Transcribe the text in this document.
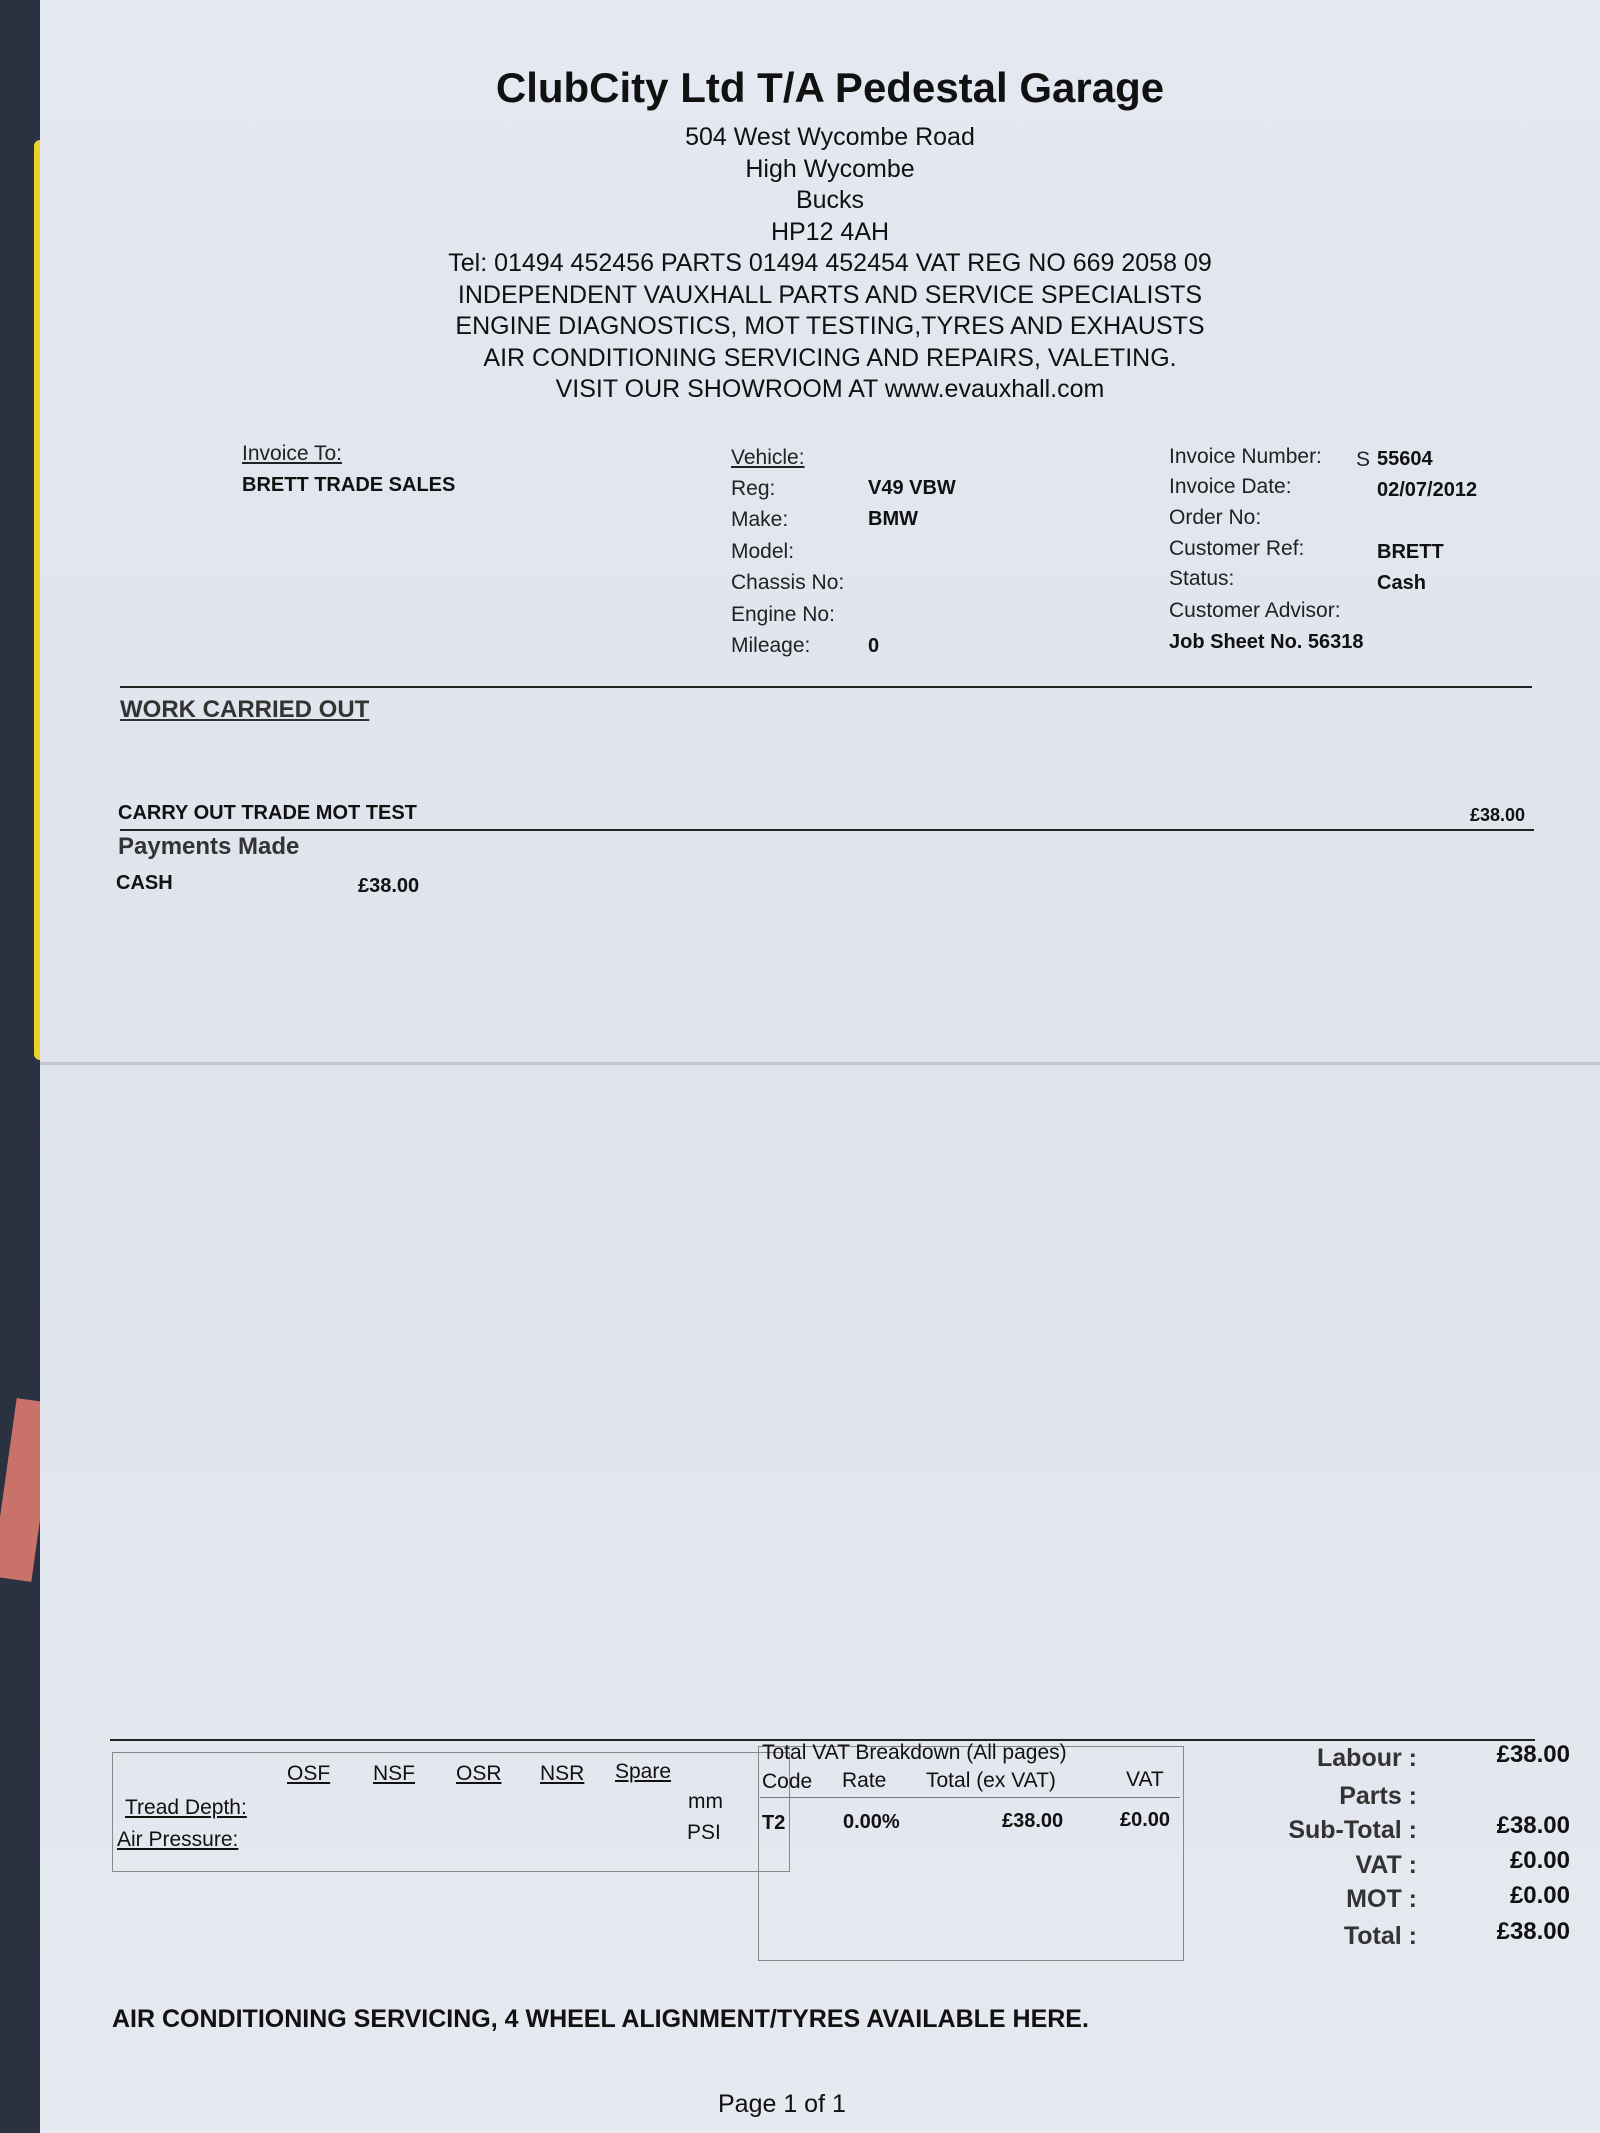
ClubCity Ltd T/A Pedestal Garage
504 West Wycombe Road
High Wycombe
Bucks
HP12 4AH
Tel: 01494 452456 PARTS 01494 452454 VAT REG NO 669 2058 09
INDEPENDENT VAUXHALL PARTS AND SERVICE SPECIALISTS
ENGINE DIAGNOSTICS, MOT TESTING,TYRES AND EXHAUSTS
AIR CONDITIONING SERVICING AND REPAIRS, VALETING.
VISIT OUR SHOWROOM AT www.evauxhall.com
Invoice To:
BRETT TRADE SALES
Vehicle:
Reg:	V49 VBW
Make:	BMW
Model:
Chassis No:
Engine No:
Mileage:	0
Invoice Number: S 55604
Invoice Date:	02/07/2012
Order No:
Customer Ref:	BRETT
Status:	Cash
Customer Advisor:
Job Sheet No. 56318
WORK CARRIED OUT
CARRY OUT TRADE MOT TEST	£38.00
Payments Made
CASH	£38.00
OSF NSF OSR NSR Spare
Tread Depth:	mm
Air Pressure:	PSI
Total VAT Breakdown (All pages)
Code Rate Total (ex VAT)	VAT
T2	0.00%	£38.00	£0.00
Labour :	£38.00
Parts :
Sub-Total :	£38.00
VAT :	£0.00
MOT :	£0.00
Total :	£38.00
AIR CONDITIONING SERVICING, 4 WHEEL ALIGNMENT/TYRES AVAILABLE HERE.
Page 1 of 1
